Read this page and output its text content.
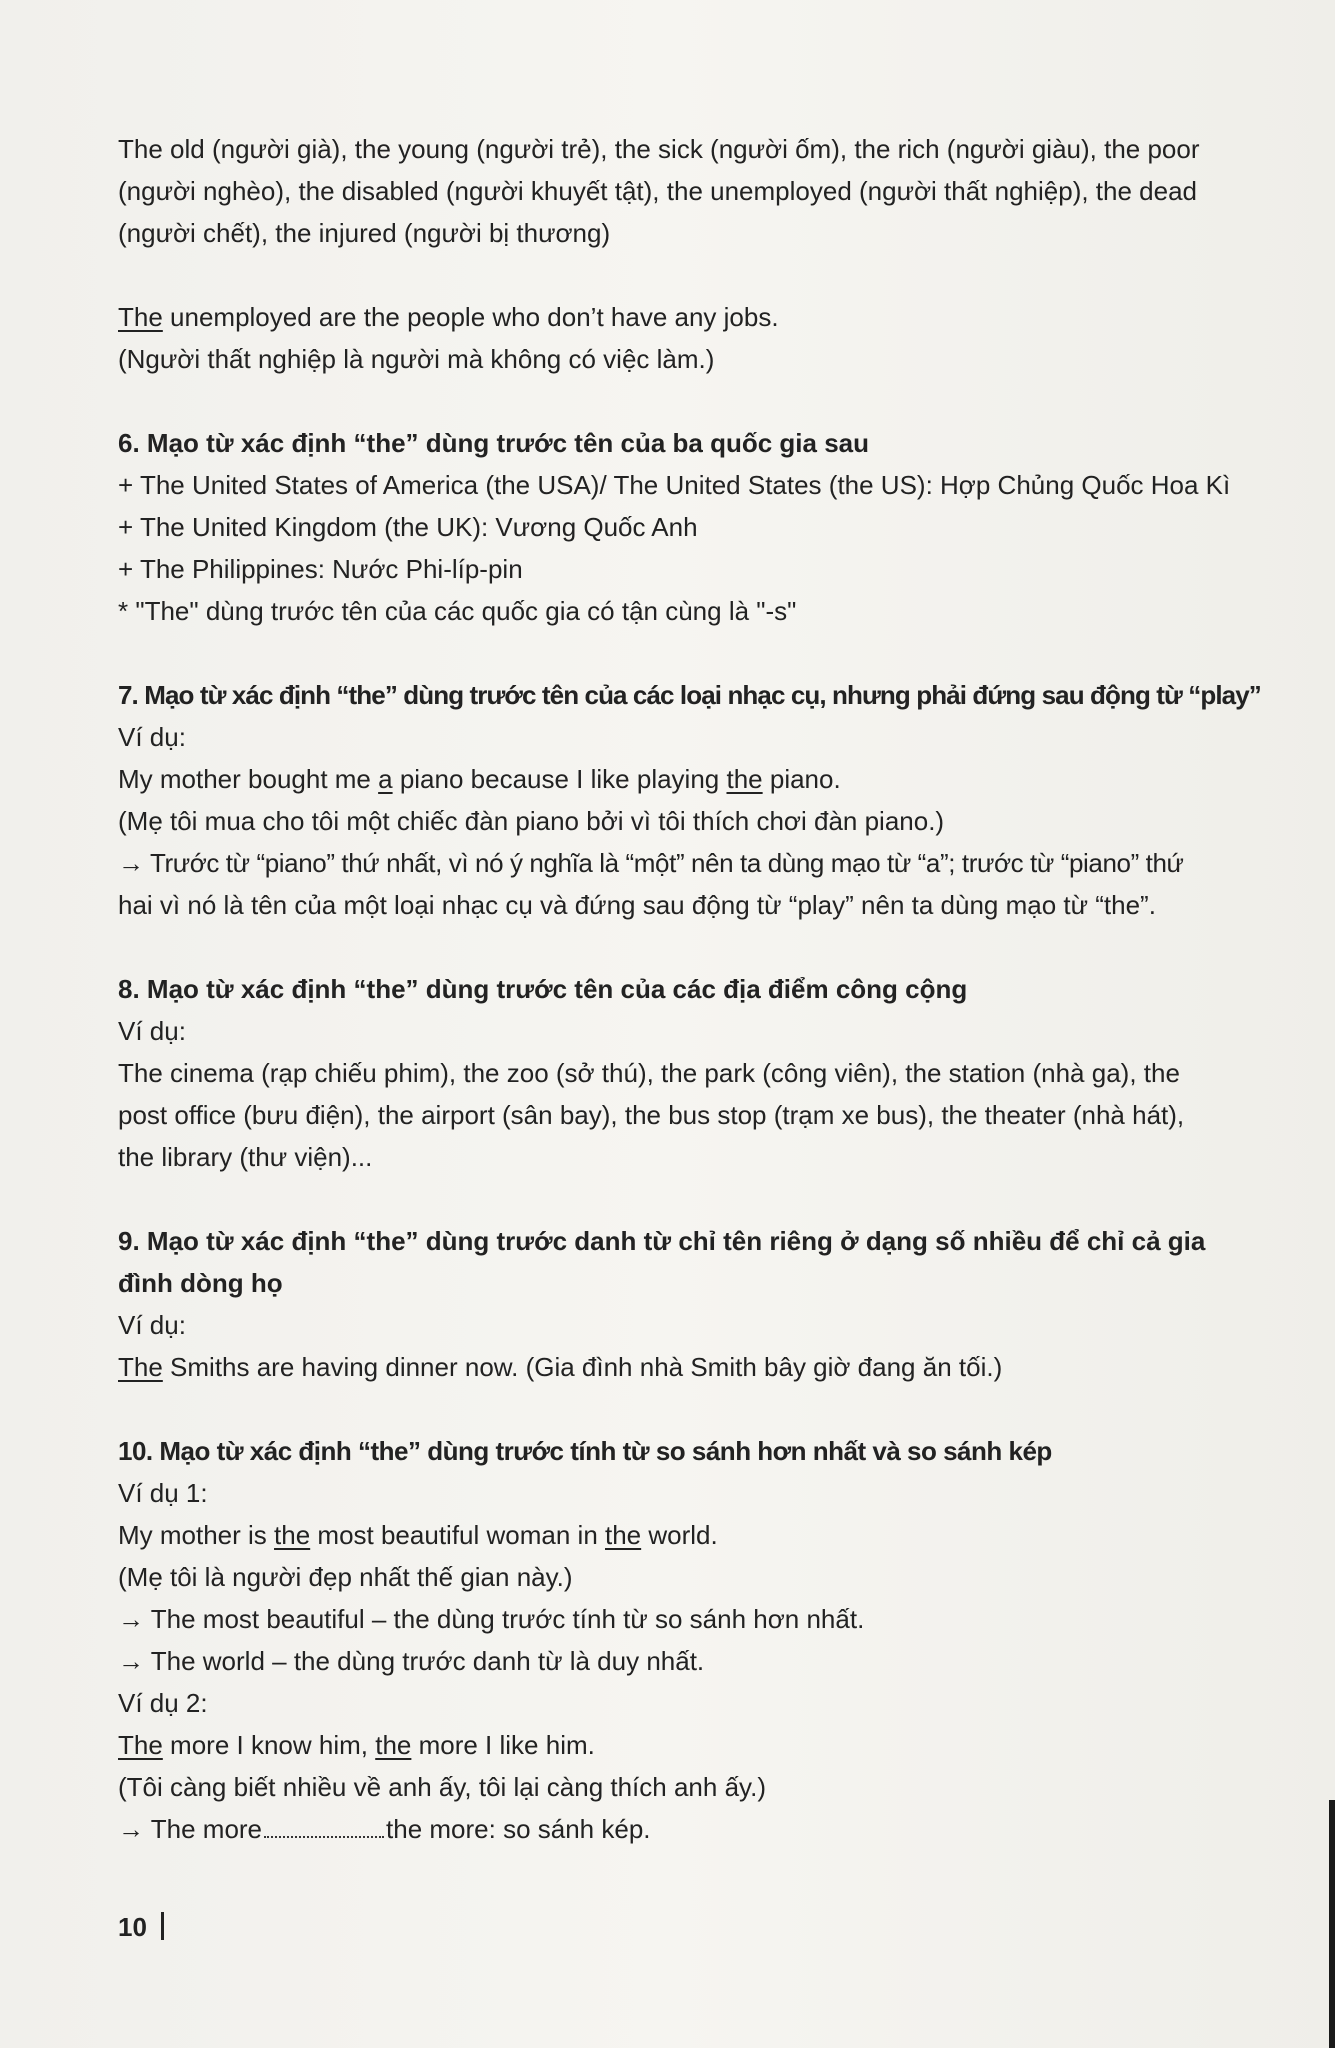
The old (người già), the young (người trẻ), the sick (người ốm), the rich (người giàu), the poor

(người nghèo), the disabled (người khuyết tật), the unemployed (người thất nghiệp), the dead

(người chết), the injured (người bị thương)

The unemployed are the people who don’t have any jobs.

(Người thất nghiệp là người mà không có việc làm.)

6. Mạo từ xác định “the” dùng trước tên của ba quốc gia sau

+ The United States of America (the USA)/ The United States (the US): Hợp Chủng Quốc Hoa Kì

+ The United Kingdom (the UK): Vương Quốc Anh

+ The Philippines: Nước Phi-líp-pin

* "The" dùng trước tên của các quốc gia có tận cùng là "-s"

7. Mạo từ xác định “the” dùng trước tên của các loại nhạc cụ, nhưng phải đứng sau động từ “play”

Ví dụ:

My mother bought me a piano because I like playing the piano.

(Mẹ tôi mua cho tôi một chiếc đàn piano bởi vì tôi thích chơi đàn piano.)

→ Trước từ “piano” thứ nhất, vì nó ý nghĩa là “một” nên ta dùng mạo từ “a”; trước từ “piano” thứ

hai vì nó là tên của một loại nhạc cụ và đứng sau động từ “play” nên ta dùng mạo từ “the”.

8. Mạo từ xác định “the” dùng trước tên của các địa điểm công cộng

Ví dụ:

The cinema (rạp chiếu phim), the zoo (sở thú), the park (công viên), the station (nhà ga), the

post office (bưu điện), the airport (sân bay), the bus stop (trạm xe bus), the theater (nhà hát),

the library (thư viện)...

9. Mạo từ xác định “the” dùng trước danh từ chỉ tên riêng ở dạng số nhiều để chỉ cả gia

đình dòng họ

Ví dụ:

The Smiths are having dinner now. (Gia đình nhà Smith bây giờ đang ăn tối.)

10. Mạo từ xác định “the” dùng trước tính từ so sánh hơn nhất và so sánh kép

Ví dụ 1:

My mother is the most beautiful woman in the world.

(Mẹ tôi là người đẹp nhất thế gian này.)

→ The most beautiful – the dùng trước tính từ so sánh hơn nhất.

→ The world – the dùng trước danh từ là duy nhất.

Ví dụ 2:

The more I know him, the more I like him.

(Tôi càng biết nhiều về anh ấy, tôi lại càng thích anh ấy.)

→ The more	the more: so sánh kép.

10
